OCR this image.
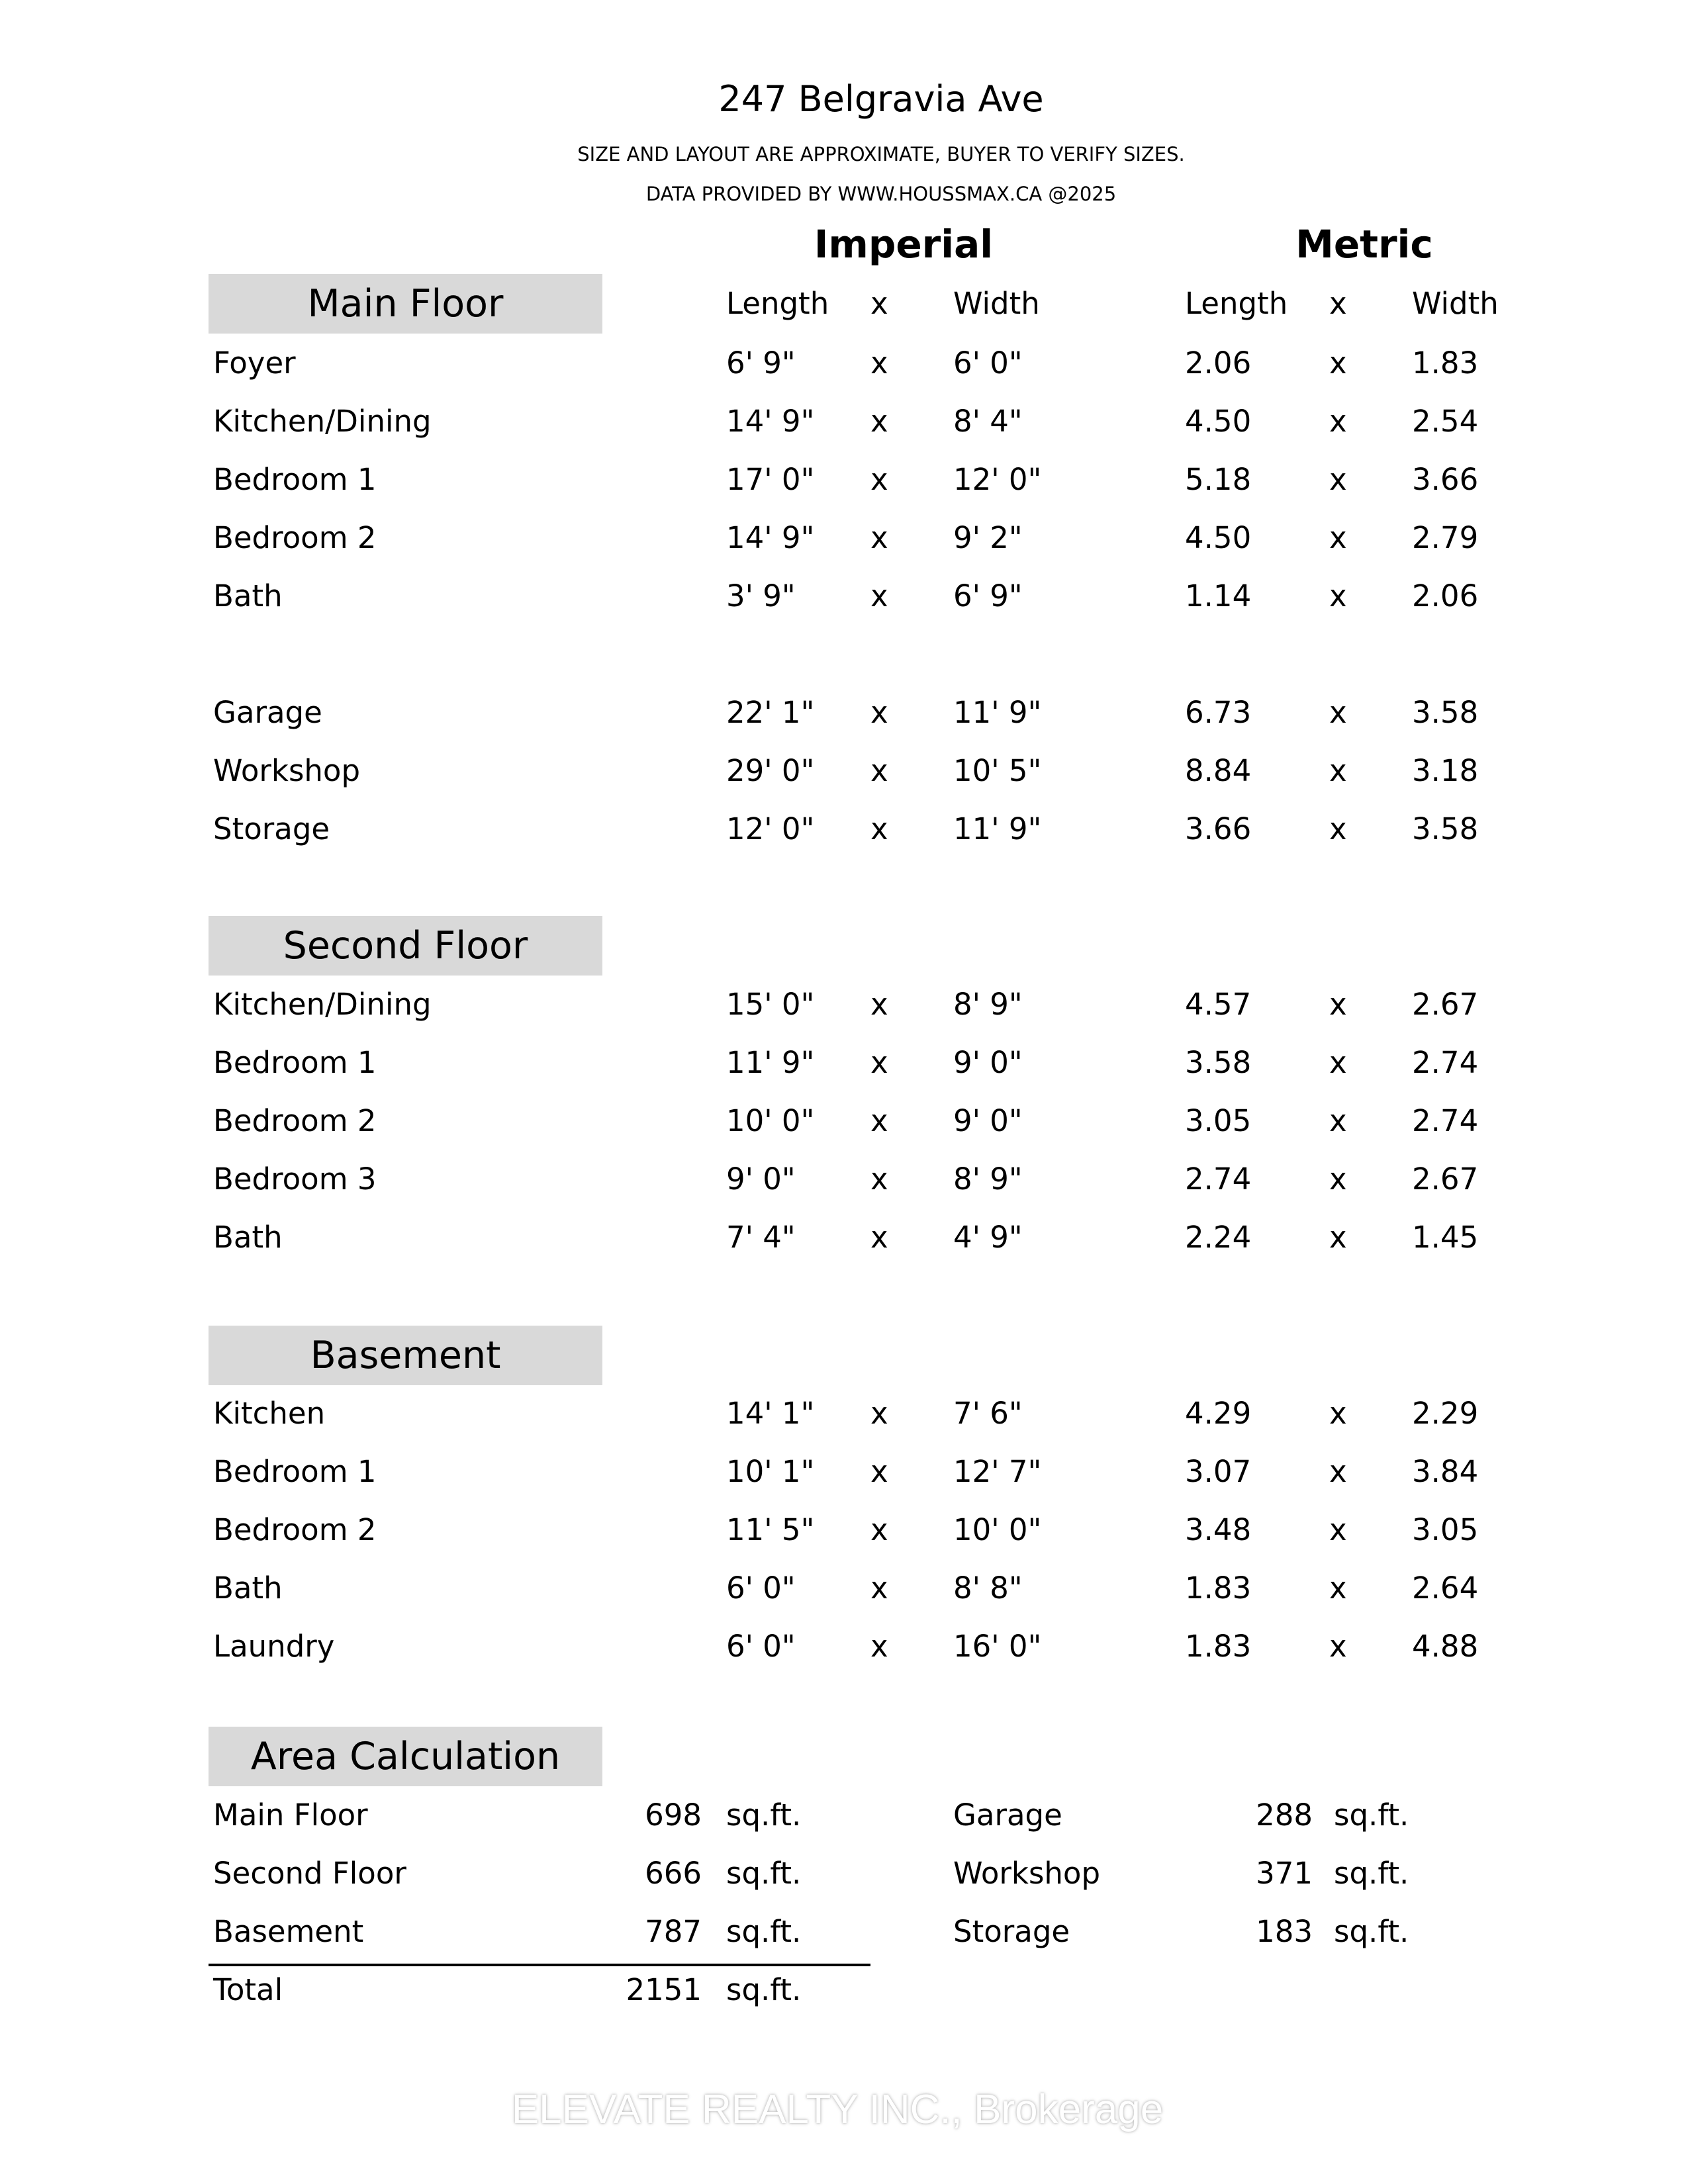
247 Belgravia Ave
SIZE AND LAYOUT ARE APPROXIMATE, BUYER TO VERIFY SIZES.
DATA PROVIDED BY WWW.HOUSSMAX.CA @2025
Imperial	Metric
Main Floor	Length x Width	Length x Width
Foyer	6' 9"	x 6' 0"	2.06	x 1.83
Kitchen/Dining	14' 9" x 8' 4"	4.50	x 2.54
Bedroom 1	17' 0" x 12' 0"	5.18	x 3.66
Bedroom 2	14' 9" x 9' 2"	4.50	x 2.79
Bath	3' 9"	x 6' 9"	1.14	x 2.06
Garage	22' 1" x 11' 9"	6.73	x 3.58
Workshop	29' 0" x 10' 5"	8.84	x 3.18
Storage	12' 0" x 11' 9"	3.66	x 3.58
Second Floor
Kitchen/Dining	15' 0" x 8' 9"	4.57	x 2.67
Bedroom 1	11' 9" x 9' 0"	3.58	x 2.74
Bedroom 2	10' 0" x 9' 0"	3.05	x 2.74
Bedroom 3	9' 0"	x 8' 9"	2.74	x 2.67
Bath	7' 4"	x 4' 9"	2.24	x 1.45
Basement
Kitchen	14' 1" x 7' 6"	4.29	x 2.29
Bedroom 1	10' 1" x 12' 7"	3.07	x 3.84
Bedroom 2	11' 5" x 10' 0"	3.48	x 3.05
Bath	6' 0"	x 8' 8"	1.83	x 2.64
Laundry	6' 0"	x 16' 0"	1.83	x 4.88
Area Calculation
Main Floor	698 sq.ft.
Second Floor	666 sq.ft.
Basement	787 sq.ft.
Total	2151 sq.ft.
Garage	288 sq.ft.
Workshop	371 sq.ft.
Storage	183 sq.ft.
ELEVATE REALTY INC., Brokerage
